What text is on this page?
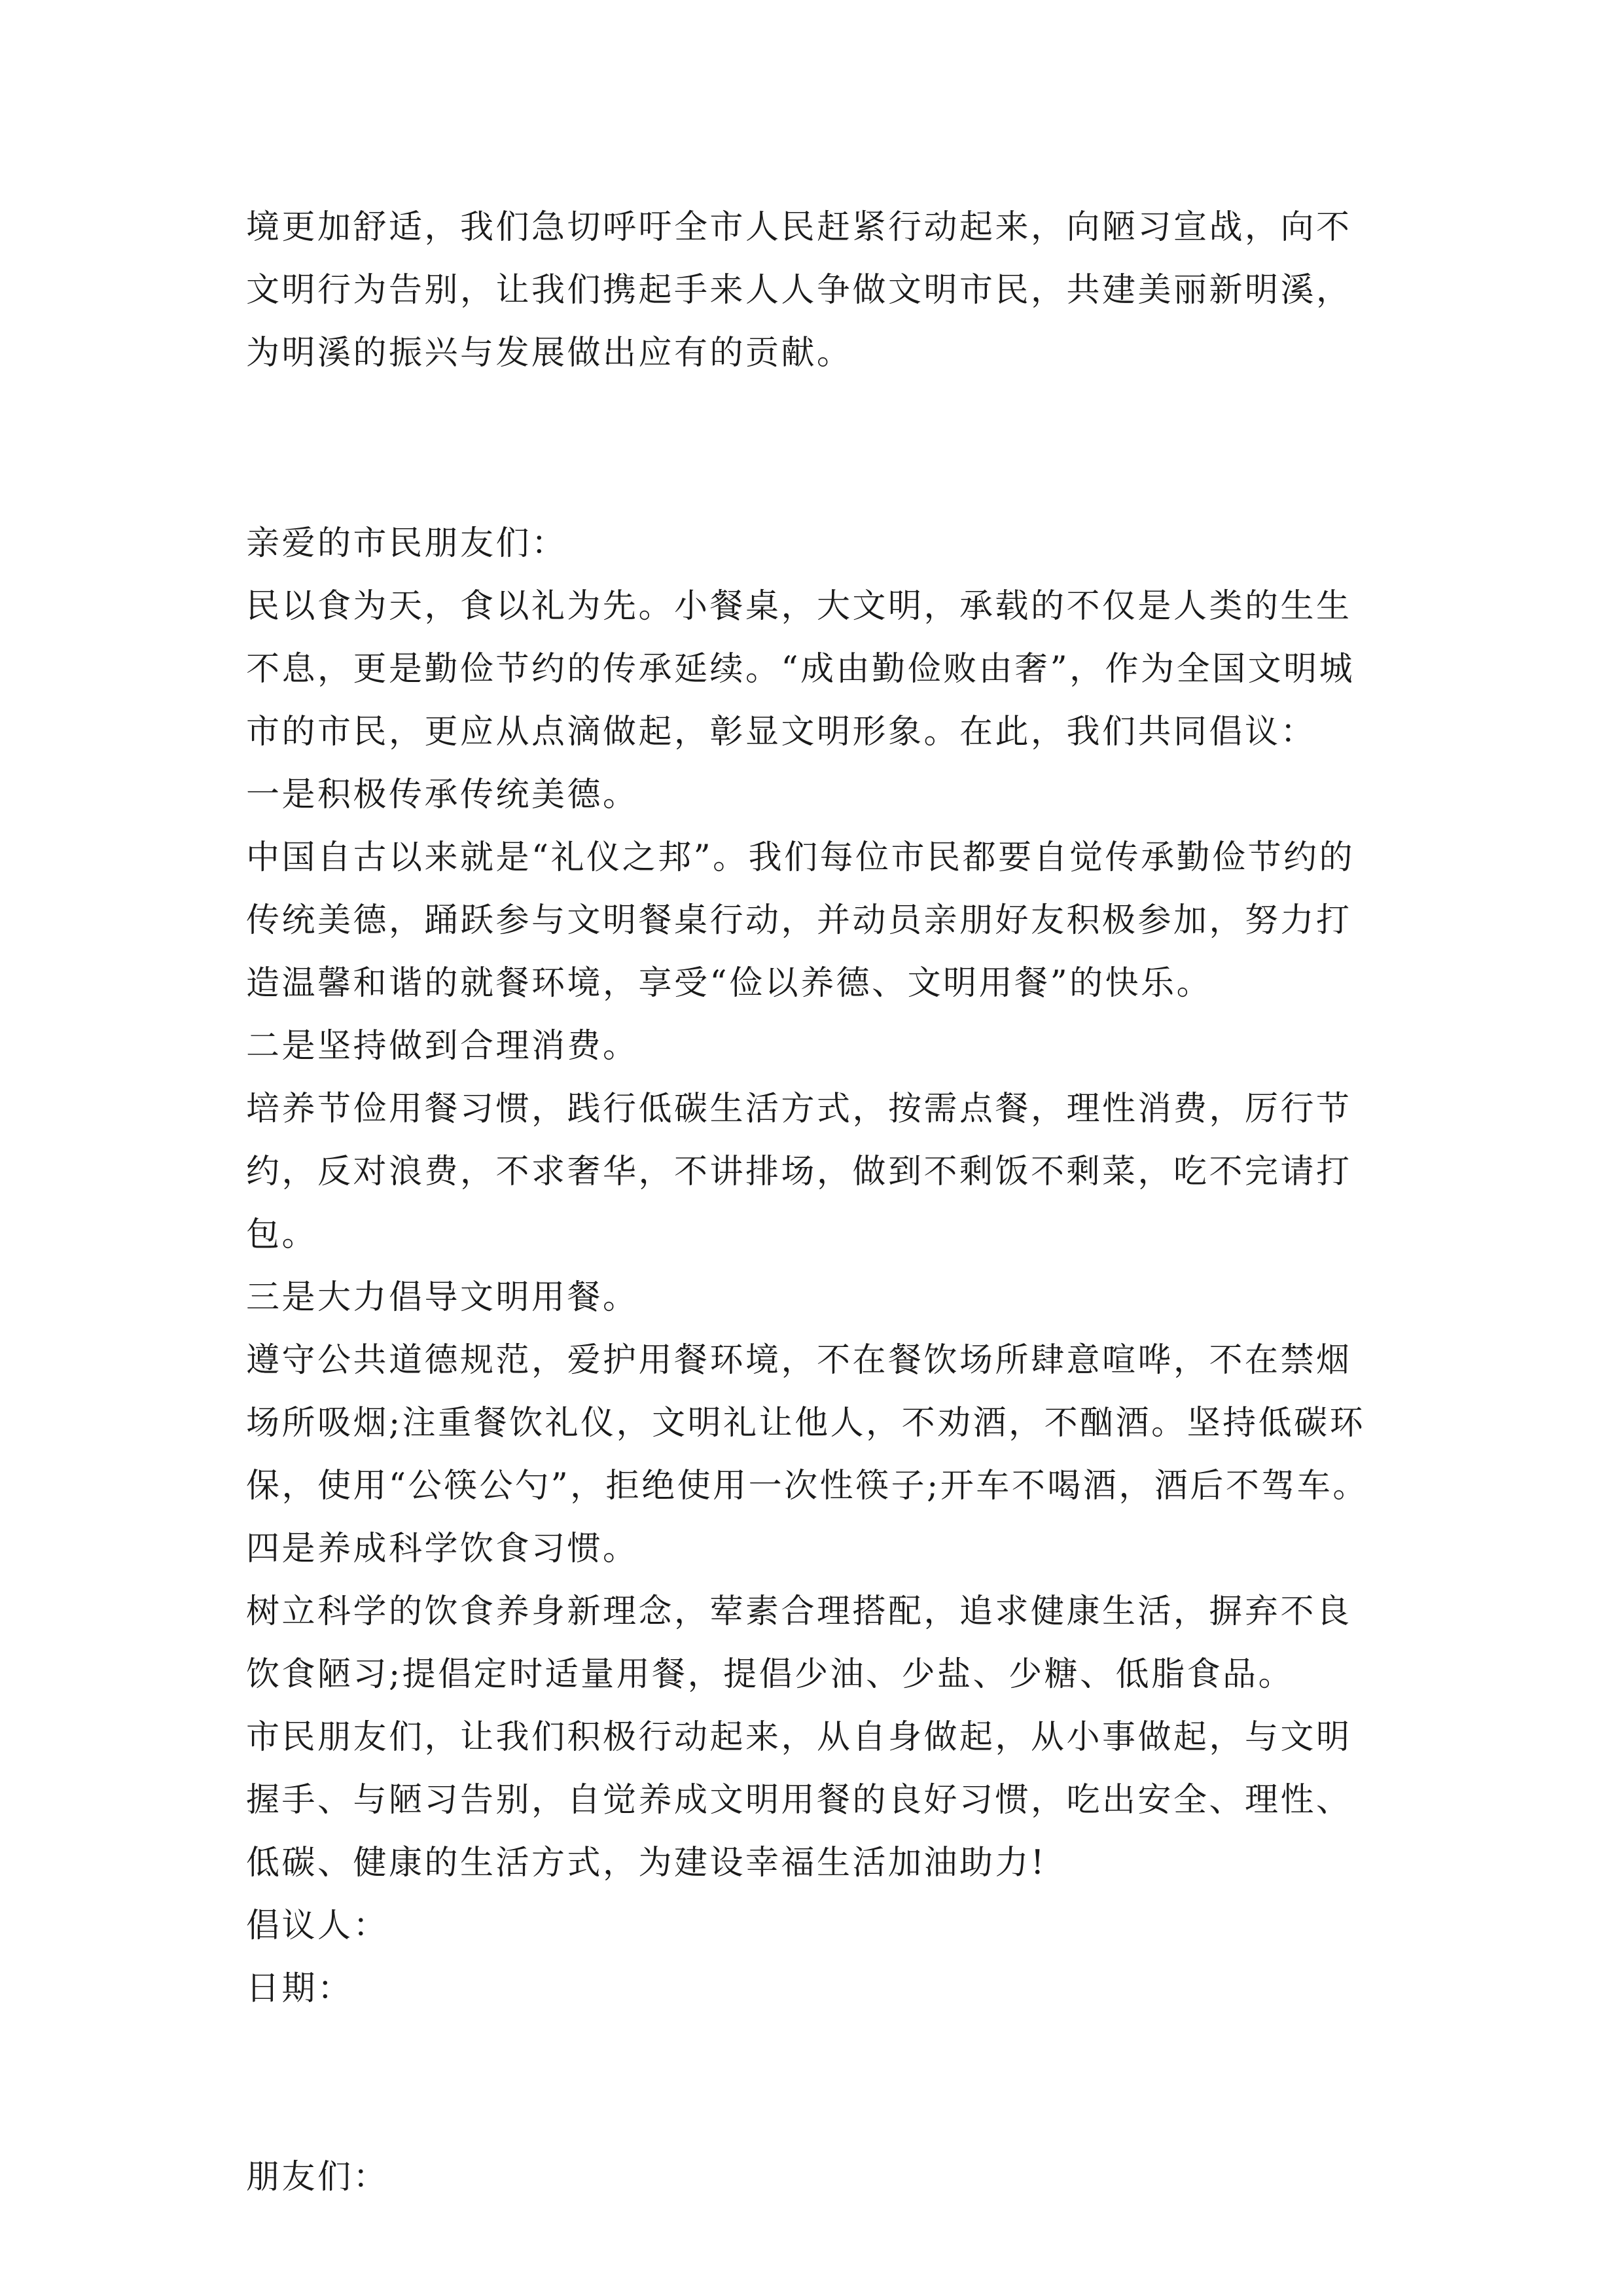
境更加舒适，我们急切呼吁全市人民赶紧行动起来，向陋习宣战，向不文明行为告别，让我们携起手来人人争做文明市民，共建美丽新明溪，为明溪的振兴与发展做出应有的贡献。

亲爱的市民朋友们：

民以食为天，食以礼为先。小餐桌，大文明，承载的不仅是人类的生生不息，更是勤俭节约的传承延续。“成由勤俭败由奢”，作为全国文明城市的市民，更应从点滴做起，彰显文明形象。在此，我们共同倡议：

一是积极传承传统美德。

中国自古以来就是“礼仪之邦”。我们每位市民都要自觉传承勤俭节约的传统美德，踊跃参与文明餐桌行动，并动员亲朋好友积极参加，努力打造温馨和谐的就餐环境，享受“俭以养德、文明用餐”的快乐。

二是坚持做到合理消费。

培养节俭用餐习惯，践行低碳生活方式，按需点餐，理性消费，厉行节约，反对浪费，不求奢华，不讲排场，做到不剩饭不剩菜，吃不完请打包。

三是大力倡导文明用餐。

遵守公共道德规范，爱护用餐环境，不在餐饮场所肆意喧哗，不在禁烟场所吸烟;注重餐饮礼仪，文明礼让他人，不劝酒，不酗酒。坚持低碳环保，使用“公筷公勺”，拒绝使用一次性筷子;开车不喝酒，酒后不驾车。

四是养成科学饮食习惯。

树立科学的饮食养身新理念，荤素合理搭配，追求健康生活，摒弃不良饮食陋习;提倡定时适量用餐，提倡少油、少盐、少糖、低脂食品。

市民朋友们，让我们积极行动起来，从自身做起，从小事做起，与文明握手、与陋习告别，自觉养成文明用餐的良好习惯，吃出安全、理性、低碳、健康的生活方式，为建设幸福生活加油助力!

倡议人：

日期：

朋友们：
